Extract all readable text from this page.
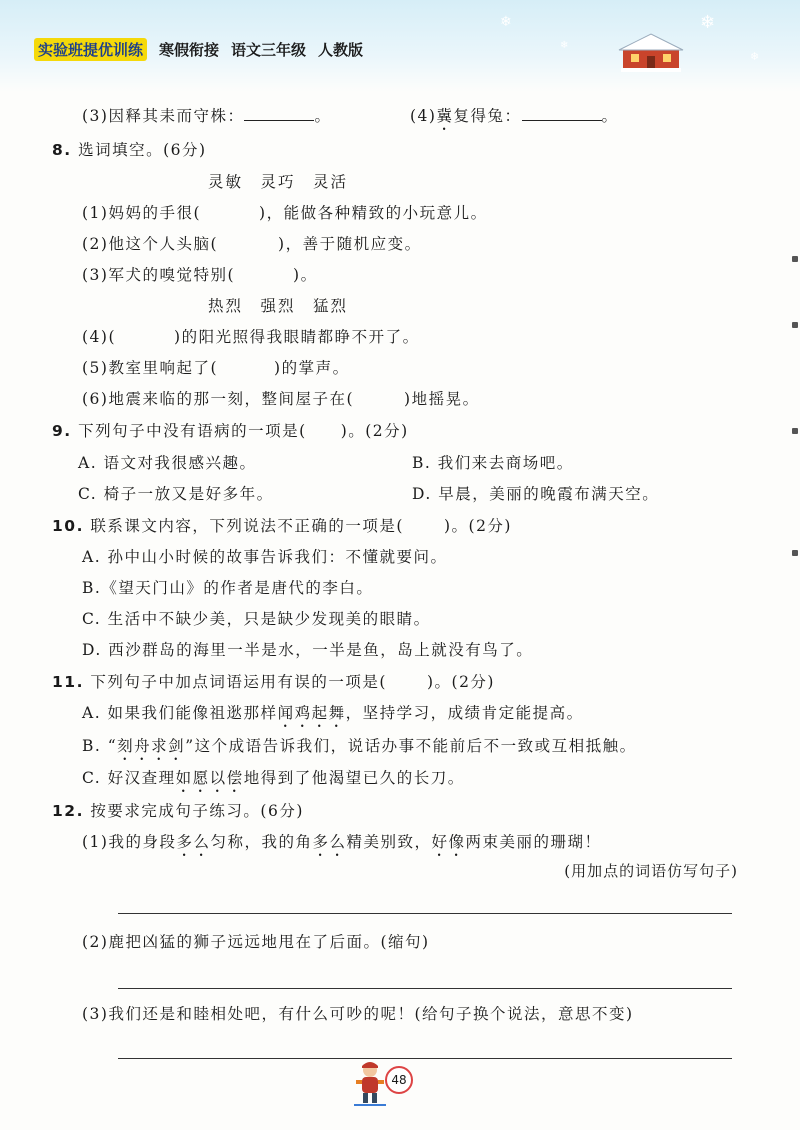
❄
❄
❄
❄
实验班提优训练 寒假衔接 语文三年级 人教版
(3)因释其耒而守株：	。	(4)冀复得兔：	。
8. 选词填空。(6分)
灵敏　灵巧　灵活
(1)妈妈的手很(	)，能做各种精致的小玩意儿。
(2)他这个人头脑(	)，善于随机应变。
(3)军犬的嗅觉特别(	)。
热烈　强烈　猛烈
(4)(	)的阳光照得我眼睛都睁不开了。
(5)教室里响起了(	)的掌声。
(6)地震来临的那一刻，整间屋子在(	)地摇晃。
9. 下列句子中没有语病的一项是( )。(2分)
A. 语文对我很感兴趣。	B. 我们来去商场吧。
C. 椅子一放又是好多年。	D. 早晨，美丽的晚霞布满天空。
10. 联系课文内容，下列说法不正确的一项是(	)。(2分)
A. 孙中山小时候的故事告诉我们：不懂就要问。
B.《望天门山》的作者是唐代的李白。
C. 生活中不缺少美，只是缺少发现美的眼睛。
D. 西沙群岛的海里一半是水，一半是鱼，岛上就没有鸟了。
11. 下列句子中加点词语运用有误的一项是(	)。(2分)
A. 如果我们能像祖逖那样闻鸡起舞，坚持学习，成绩肯定能提高。
B. “刻舟求剑”这个成语告诉我们，说话办事不能前后不一致或互相抵触。
C. 好汉查理如愿以偿地得到了他渴望已久的长刀。
12. 按要求完成句子练习。(6分)
(1)我的身段多么匀称，我的角多么精美别致，好像两束美丽的珊瑚！
(用加点的词语仿写句子)
(2)鹿把凶猛的狮子远远地甩在了后面。(缩句)
(3)我们还是和睦相处吧，有什么可吵的呢！(给句子换个说法，意思不变)
48
